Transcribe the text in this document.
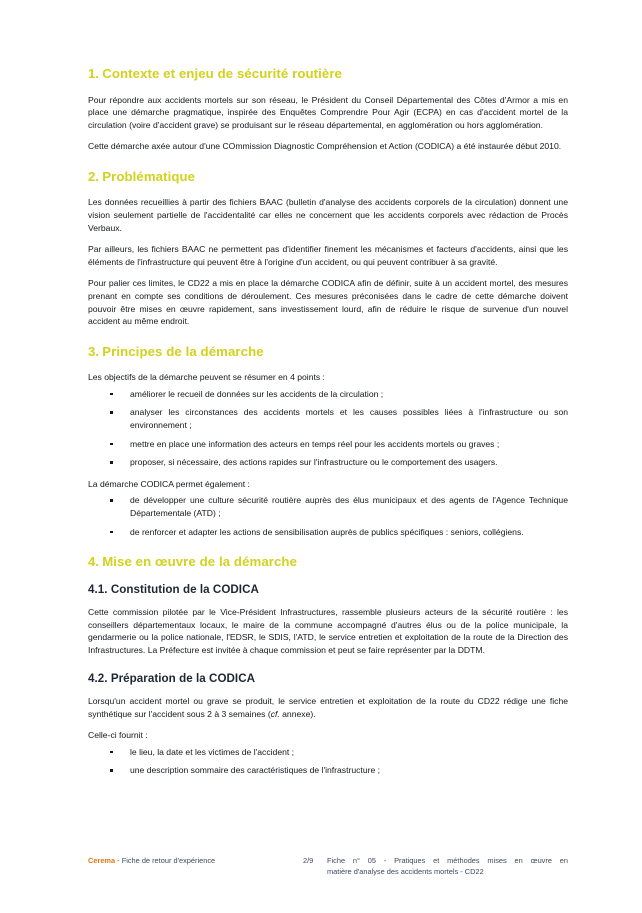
1. Contexte et enjeu de sécurité routière

Pour répondre aux accidents mortels sur son réseau, le Président du Conseil Départemental des Côtes d'Armor a mis en place une démarche pragmatique, inspirée des Enquêtes Comprendre Pour Agir (ECPA) en cas d'accident mortel de la circulation (voire d'accident grave) se produisant sur le réseau départemental, en agglomération ou hors agglomération.

Cette démarche axée autour d'une COmmission Diagnostic Compréhension et Action (CODICA) a été instaurée début 2010.

2. Problématique

Les données recueillies à partir des fichiers BAAC (bulletin d'analyse des accidents corporels de la circulation) donnent une vision seulement partielle de l'accidentalité car elles ne concernent que les accidents corporels avec rédaction de Procès Verbaux.

Par ailleurs, les fichiers BAAC ne permettent pas d'identifier finement les mécanismes et facteurs d'accidents, ainsi que les éléments de l'infrastructure qui peuvent être à l'origine d'un accident, ou qui peuvent contribuer à sa gravité.

Pour palier ces limites, le CD22 a mis en place la démarche CODICA afin de définir, suite à un accident mortel, des mesures prenant en compte ses conditions de déroulement. Ces mesures préconisées dans le cadre de cette démarche doivent pouvoir être mises en œuvre rapidement, sans investissement lourd, afin de réduire le risque de survenue d'un nouvel accident au même endroit.

3. Principes de la démarche

Les objectifs de la démarche peuvent se résumer en 4 points :

améliorer le recueil de données sur les accidents de la circulation ;
analyser les circonstances des accidents mortels et les causes possibles liées à l'infrastructure ou son environnement ;
mettre en place une information des acteurs en temps réel pour les accidents mortels ou graves ;
proposer, si nécessaire, des actions rapides sur l'infrastructure ou le comportement des usagers.

La démarche CODICA permet également :

de développer une culture sécurité routière auprès des élus municipaux et des agents de l'Agence Technique Départementale (ATD) ;
de renforcer et adapter les actions de sensibilisation auprès de publics spécifiques : seniors, collégiens.
4. Mise en œuvre de la démarche
4.1. Constitution de la CODICA

Cette commission pilotée par le Vice-Président Infrastructures, rassemble plusieurs acteurs de la sécurité routière : les conseillers départementaux locaux, le maire de la commune accompagné d'autres élus ou de la police municipale, la gendarmerie ou la police nationale, l'EDSR, le SDIS, l'ATD, le service entretien et exploitation de la route de la Direction des Infrastructures. La Préfecture est invitée à chaque commission et peut se faire représenter par la DDTM.

4.2. Préparation de la CODICA

Lorsqu'un accident mortel ou grave se produit, le service entretien et exploitation de la route du CD22 rédige une fiche synthétique sur l'accident sous 2 à 3 semaines (cf. annexe).

Celle-ci fournit :

le lieu, la date et les victimes de l'accident ;
une description sommaire des caractéristiques de l'infrastructure ;
Cerema - Fiche de retour d'expérience	2/9	Fiche n° 05 - Pratiques et méthodes mises en œuvre en
matière d'analyse des accidents mortels - CD22
